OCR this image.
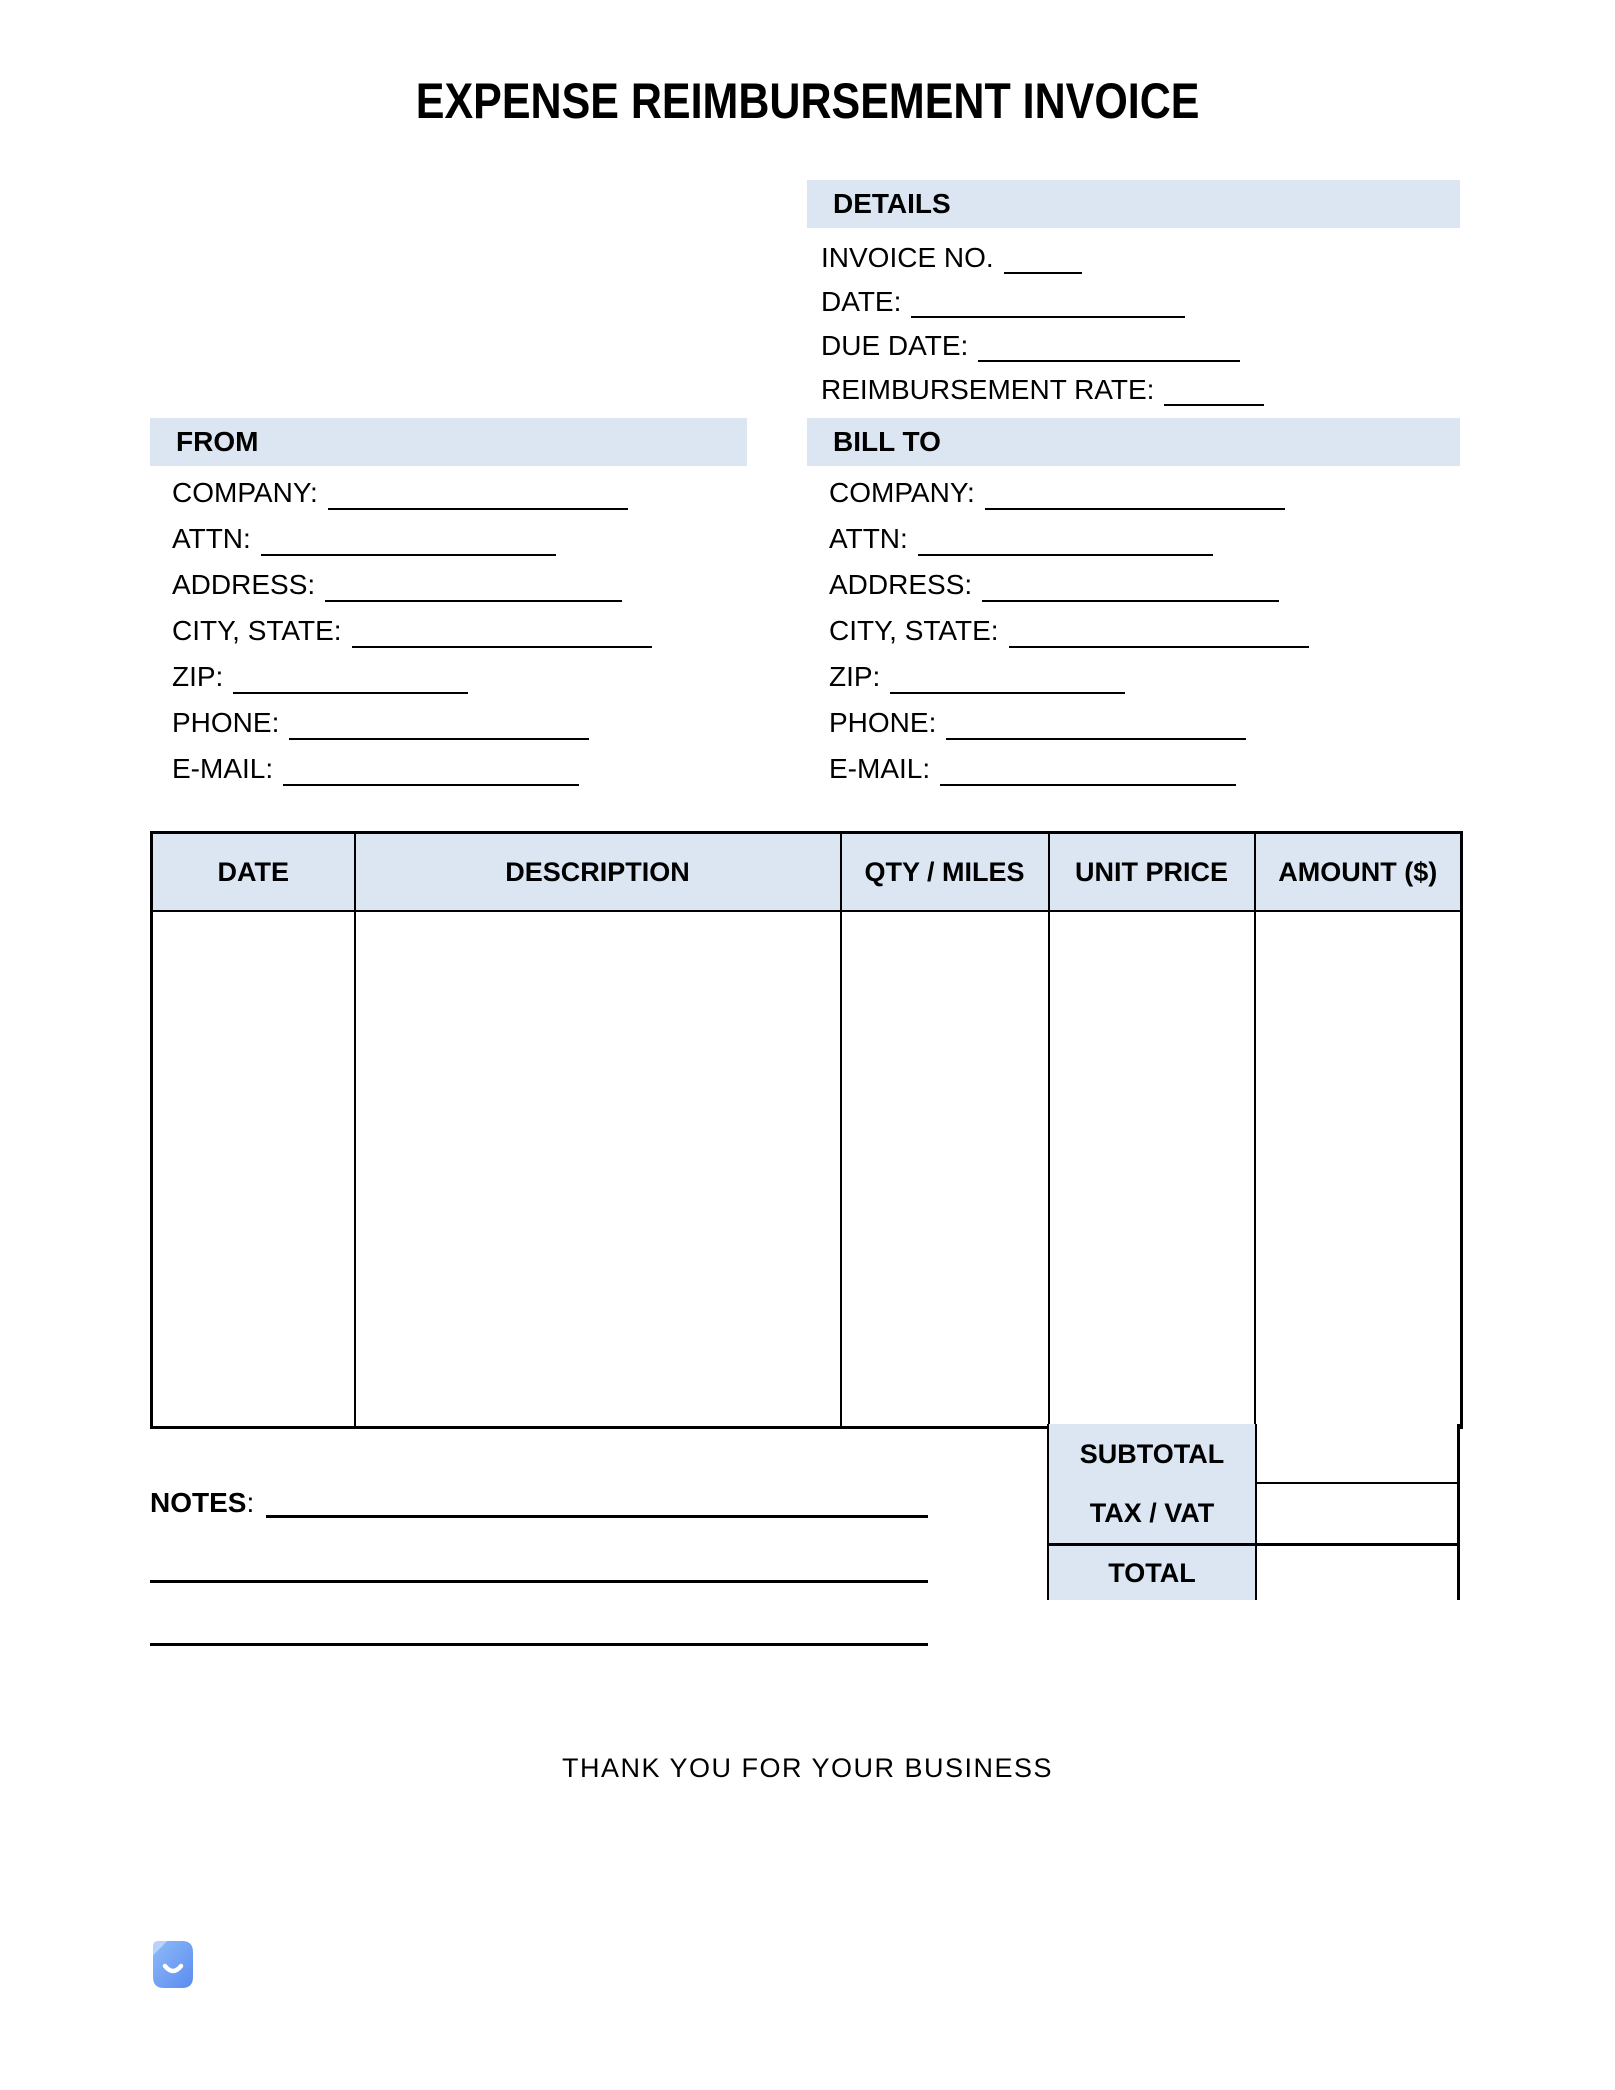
EXPENSE REIMBURSEMENT INVOICE
DETAILS
INVOICE NO.
DATE:
DUE DATE:
REIMBURSEMENT RATE:
FROM
COMPANY:
ATTN:
ADDRESS:
CITY, STATE:
ZIP:
PHONE:
E-MAIL:
BILL TO
COMPANY:
ATTN:
ADDRESS:
CITY, STATE:
ZIP:
PHONE:
E-MAIL:
DATE	DESCRIPTION	QTY / MILES	UNIT PRICE	AMOUNT ($)

SUBTOTAL
TAX / VAT
TOTAL
NOTES:
THANK YOU FOR YOUR BUSINESS
